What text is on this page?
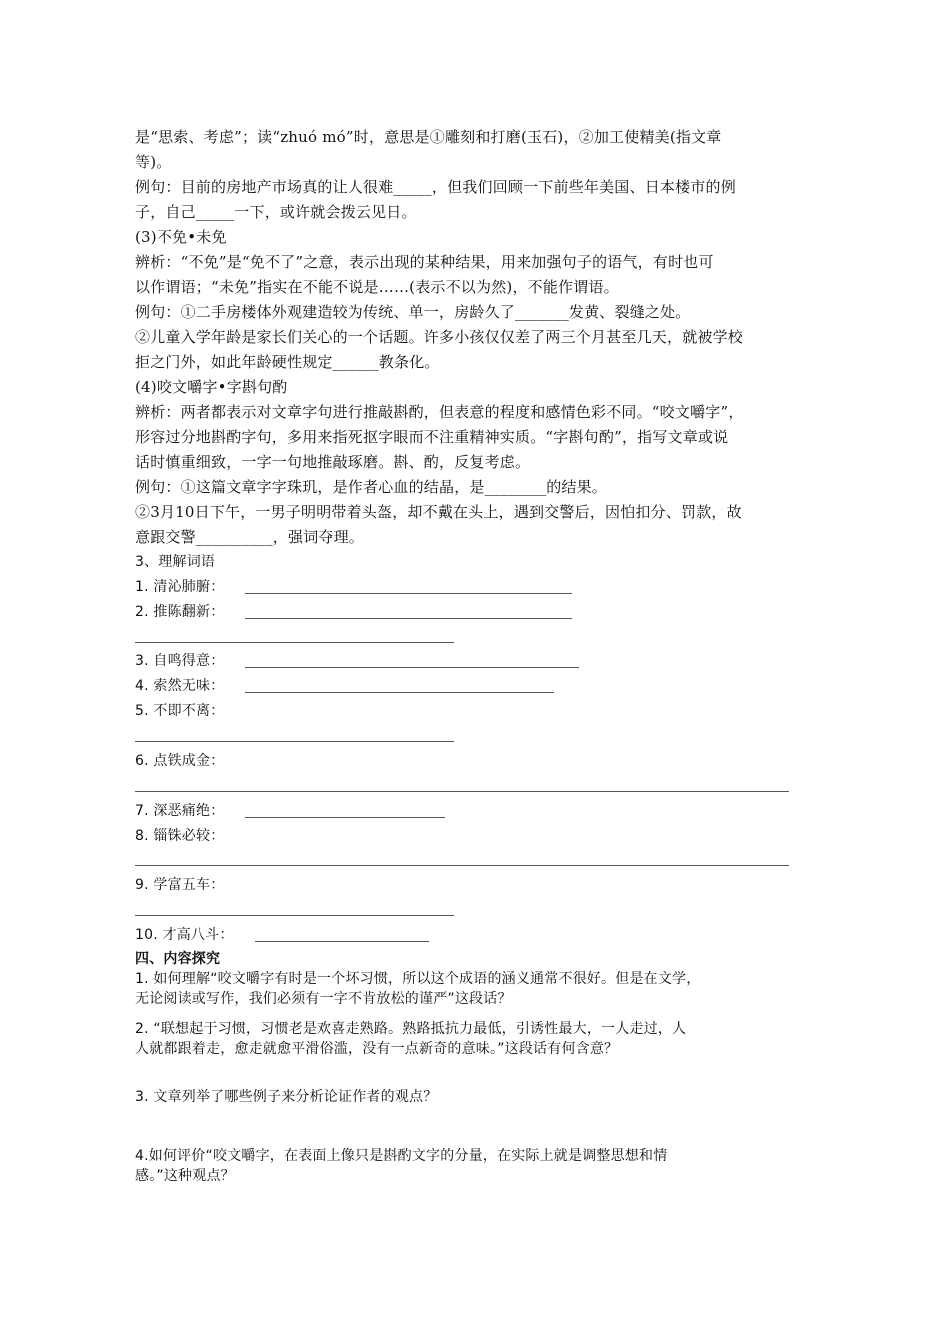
是“思索、考虑”；读“zhuó mó”时，意思是①雕刻和打磨(玉石)，②加工使精美(指文章
等)。
例句：目前的房地产市场真的让人很难_____，但我们回顾一下前些年美国、日本楼市的例
子，自己_____一下，或许就会拨云见日。
(3)不免•未免
辨析：“不免”是“免不了”之意，表示出现的某种结果，用来加强句子的语气，有时也可
以作谓语；“未免”指实在不能不说是……(表示不以为然)，不能作谓语。
例句：①二手房楼体外观建造较为传统、单一，房龄久了_______发黄、裂缝之处。
②儿童入学年龄是家长们关心的一个话题。许多小孩仅仅差了两三个月甚至几天，就被学校
拒之门外，如此年龄硬性规定______教条化。
(4)咬文嚼字•字斟句酌
辨析：两者都表示对文章字句进行推敲斟酌，但表意的程度和感情色彩不同。“咬文嚼字”，
形容过分地斟酌字句，多用来指死抠字眼而不注重精神实质。“字斟句酌”，指写文章或说
话时慎重细致，一字一句地推敲琢磨。斟、酌，反复考虑。
例句：①这篇文章字字珠玑，是作者心血的结晶，是________的结果。
②3月10日下午，一男子明明带着头盔，却不戴在头上，遇到交警后，因怕扣分、罚款，故
意跟交警__________，强词夺理。
3、理解词语
1. 清沁肺腑：
2. 推陈翻新：
3. 自鸣得意：
4. 索然无味：
5. 不即不离：
6. 点铁成金：
7. 深恶痛绝：
8. 锱铢必较：
9. 学富五车：
10. 才高八斗：
四、内容探究
1. 如何理解“咬文嚼字有时是一个坏习惯，所以这个成语的涵义通常不很好。但是在文学，
无论阅读或写作，我们必须有一字不肯放松的谨严”这段话？
2. “联想起于习惯，习惯老是欢喜走熟路。熟路抵抗力最低，引诱性最大，一人走过，人
人就都跟着走，愈走就愈平滑俗滥，没有一点新奇的意味。”这段话有何含意？
3. 文章列举了哪些例子来分析论证作者的观点？
4.如何评价“咬文嚼字，在表面上像只是斟酌文字的分量，在实际上就是调整思想和情
感。”这种观点？
